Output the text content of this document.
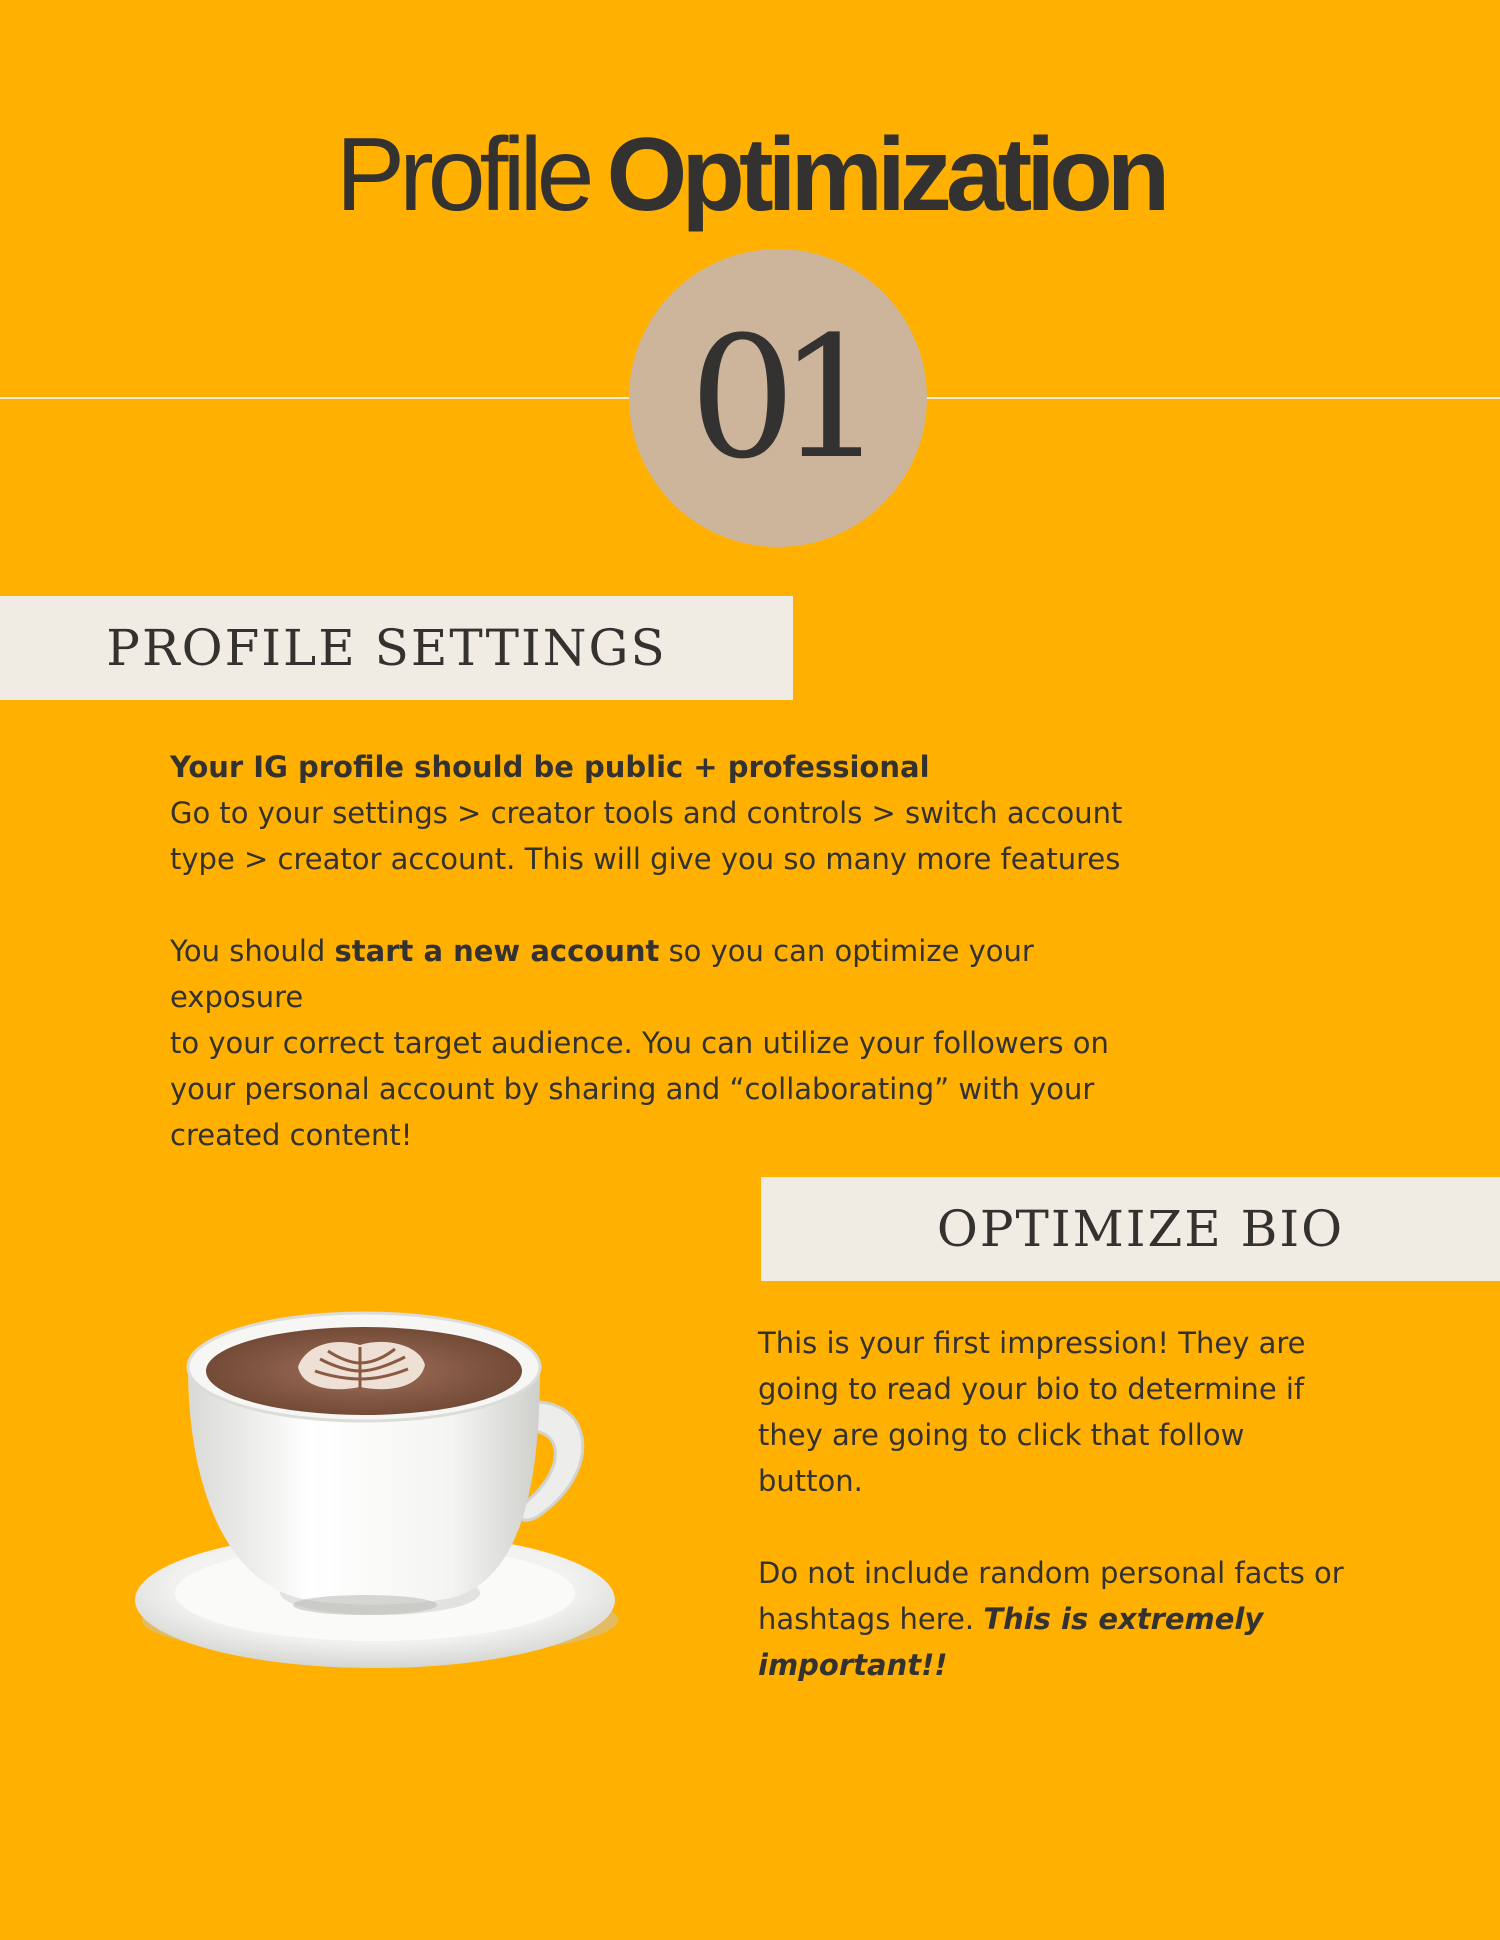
Profile Optimization
01
PROFILE SETTINGS

Your IG profile should be public + professional

Go to your settings > creator tools and controls > switch account

type > creator account. This will give you so many more features

You should start a new account so you can optimize your exposure

to your correct target audience. You can utilize your followers on

your personal account by sharing and “collaborating” with your

created content!

OPTIMIZE BIO

This is your first impression! They are

going to read your bio to determine if

they are going to click that follow

button.

Do not include random personal facts or

hashtags here. This is extremely

important!!
